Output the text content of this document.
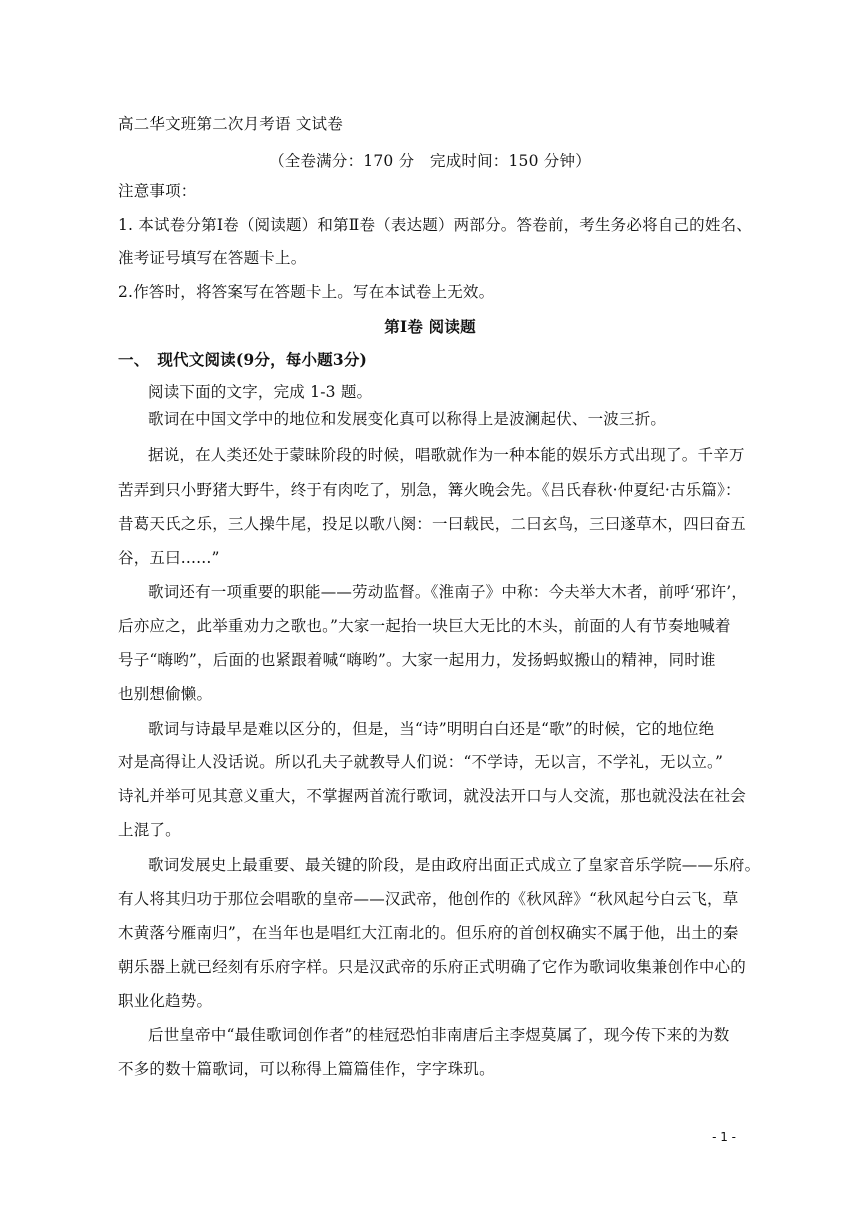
高二华文班第二次月考语 文试卷
（全卷满分：170 分　完成时间：150 分钟）
注意事项：
1. 本试卷分第Ⅰ卷（阅读题）和第Ⅱ卷（表达题）两部分。答卷前，考生务必将自己的姓名、
准考证号填写在答题卡上。
2.作答时，将答案写在答题卡上。写在本试卷上无效。
第Ⅰ卷 阅读题
一、　现代文阅读(9分，每小题3分)
阅读下面的文字，完成 1-3 题。
歌词在中国文学中的地位和发展变化真可以称得上是波澜起伏、一波三折。
据说，在人类还处于蒙昧阶段的时候，唱歌就作为一种本能的娱乐方式出现了。千辛万
苦弄到只小野猪大野牛，终于有肉吃了，别急，篝火晚会先。《吕氏春秋·仲夏纪·古乐篇》：
昔葛天氏之乐，三人操牛尾，投足以歌八阕：一曰载民，二曰玄鸟，三曰遂草木，四曰奋五
谷，五曰......”
歌词还有一项重要的职能——劳动监督。《淮南子》中称：今夫举大木者，前呼‘邪许’，
后亦应之，此举重劝力之歌也。”大家一起抬一块巨大无比的木头，前面的人有节奏地喊着
号子“嗨哟”，后面的也紧跟着喊“嗨哟”。大家一起用力，发扬蚂蚁搬山的精神，同时谁
也别想偷懒。
歌词与诗最早是难以区分的，但是，当“诗”明明白白还是“歌”的时候，它的地位绝
对是高得让人没话说。所以孔夫子就教导人们说：“不学诗，无以言，不学礼，无以立。”
诗礼并举可见其意义重大，不掌握两首流行歌词，就没法开口与人交流，那也就没法在社会
上混了。
歌词发展史上最重要、最关键的阶段，是由政府出面正式成立了皇家音乐学院——乐府。
有人将其归功于那位会唱歌的皇帝——汉武帝，他创作的《秋风辞》“秋风起兮白云飞，草
木黄落兮雁南归”，在当年也是唱红大江南北的。但乐府的首创权确实不属于他，出土的秦
朝乐器上就已经刻有乐府字样。只是汉武帝的乐府正式明确了它作为歌词收集兼创作中心的
职业化趋势。
后世皇帝中“最佳歌词创作者”的桂冠恐怕非南唐后主李煜莫属了，现今传下来的为数
不多的数十篇歌词，可以称得上篇篇佳作，字字珠玑。
- 1 -
